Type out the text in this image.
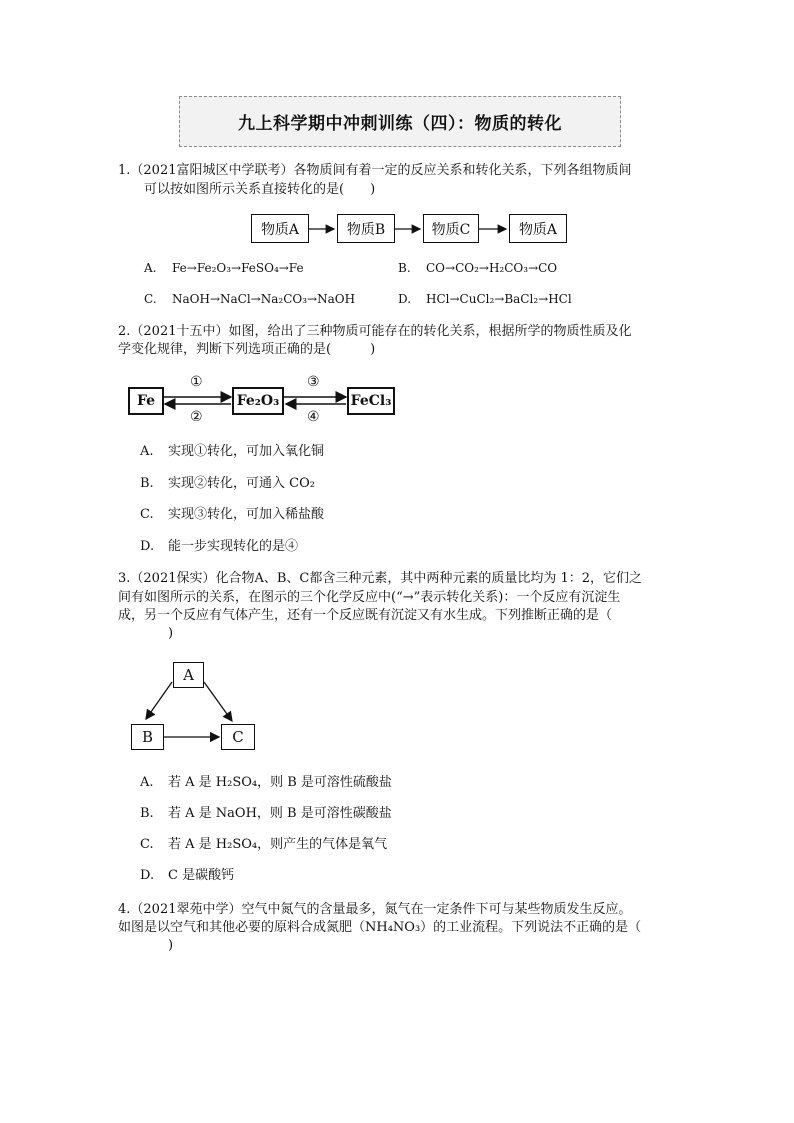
九上科学期中冲刺训练（四）：物质的转化
1.（2021富阳城区中学联考）各物质间有着一定的反应关系和转化关系，下列各组物质间
可以按如图所示关系直接转化的是(　　)
物质A	物质B	物质C	物质A
A. Fe→Fe₂O₃→FeSO₄→Fe	B. CO→CO₂→H₂CO₃→CO
C. NaOH→NaCl→Na₂CO₃→NaOH	D. HCl→CuCl₂→BaCl₂→HCl
2.（2021十五中）如图，给出了三种物质可能存在的转化关系，根据所学的物质性质及化
学变化规律，判断下列选项正确的是(　　　)
Fe	Fe₂O₃	FeCl₃
①
②
③
④
A. 实现①转化，可加入氧化铜
B. 实现②转化，可通入 CO₂
C. 实现③转化，可加入稀盐酸
D. 能一步实现转化的是④
3.（2021保实）化合物A、B、C都含三种元素，其中两种元素的质量比均为 1：2，它们之
间有如图所示的关系，在图示的三个化学反应中(“→”表示转化关系)：一个反应有沉淀生
成，另一个反应有气体产生，还有一个反应既有沉淀又有水生成。下列推断正确的是（
)
A
B	C
A. 若 A 是 H₂SO₄，则 B 是可溶性硫酸盐
B. 若 A 是 NaOH，则 B 是可溶性碳酸盐
C. 若 A 是 H₂SO₄，则产生的气体是氧气
D. C 是碳酸钙
4.（2021翠苑中学）空气中氮气的含量最多，氮气在一定条件下可与某些物质发生反应。
如图是以空气和其他必要的原料合成氮肥（NH₄NO₃）的工业流程。下列说法不正确的是（
)
